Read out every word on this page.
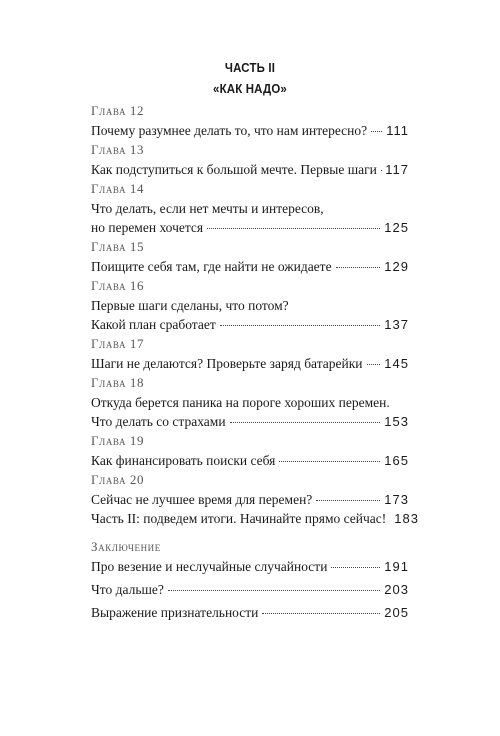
ЧАСТЬ II
«КАК НАДО»
Глава 12
Почему разумнее делать то, что нам интересно? 111
Глава 13
Как подступиться к большой мечте. Первые шаги 117
Глава 14
Что делать, если нет мечты и интересов,
но перемен хочется	125
Глава 15
Поищите себя там, где найти не ожидаете	129
Глава 16
Первые шаги сделаны, что потом?
Какой план сработает	137
Глава 17
Шаги не делаются? Проверьте заряд батарейки 145
Глава 18
Откуда берется паника на пороге хороших перемен.
Что делать со страхами	153
Глава 19
Как финансировать поиски себя	165
Глава 20
Сейчас не лучшее время для перемен?	173
Часть II: подведем итоги. Начинайте прямо сейчас! 183
Заключение
Про везение и неслучайные случайности	191
Что дальше?	203
Выражение признательности	205
